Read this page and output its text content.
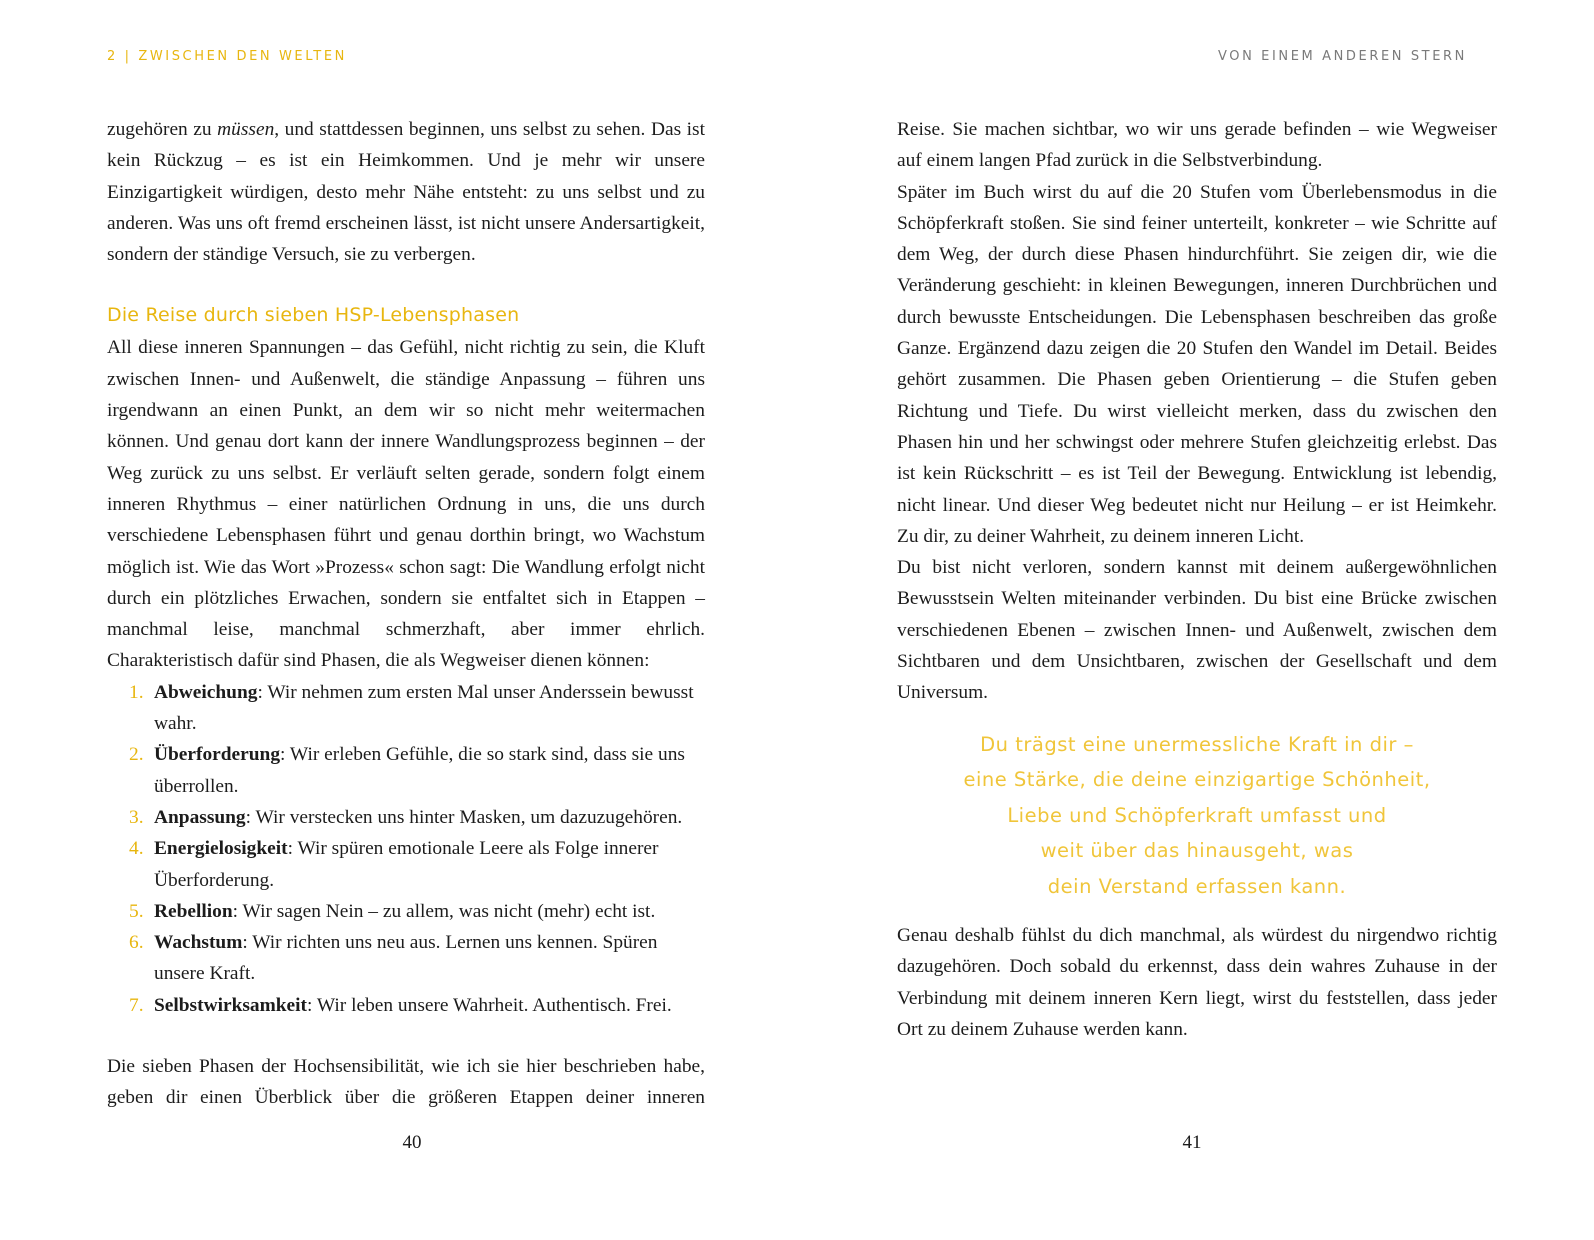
2 | ZWISCHEN DEN WELTEN

zugehören zu müssen, und stattdessen beginnen, uns selbst zu sehen. Das ist kein Rückzug – es ist ein Heimkommen. Und je mehr wir unsere Einzigartigkeit würdigen, desto mehr Nähe entsteht: zu uns selbst und zu anderen. Was uns oft fremd erscheinen lässt, ist nicht unsere Andersartigkeit, sondern der ständige Versuch, sie zu verbergen.

Die Reise durch sieben HSP-Lebensphasen

All diese inneren Spannungen – das Gefühl, nicht richtig zu sein, die Kluft zwischen Innen- und Außenwelt, die ständige Anpassung – führen uns irgendwann an einen Punkt, an dem wir so nicht mehr weitermachen können. Und genau dort kann der innere Wandlungsprozess beginnen – der Weg zurück zu uns selbst. Er verläuft selten gerade, sondern folgt einem inneren Rhythmus – einer natürlichen Ordnung in uns, die uns durch verschiedene Lebensphasen führt und genau dorthin bringt, wo Wachstum möglich ist. Wie das Wort »Prozess« schon sagt: Die Wandlung erfolgt nicht durch ein plötzliches Erwachen, sondern sie entfaltet sich in Etappen – manchmal leise, manchmal schmerzhaft, aber immer ehrlich. Charakteristisch dafür sind Phasen, die als Wegweiser dienen können:

1. Abweichung: Wir nehmen zum ersten Mal unser Anderssein bewusst wahr.
2. Überforderung: Wir erleben Gefühle, die so stark sind, dass sie uns überrollen.
3. Anpassung: Wir verstecken uns hinter Masken, um dazuzugehören.
4. Energielosigkeit: Wir spüren emotionale Leere als Folge innerer Überforderung.
5. Rebellion: Wir sagen Nein – zu allem, was nicht (mehr) echt ist.
6. Wachstum: Wir richten uns neu aus. Lernen uns kennen. Spüren unsere Kraft.
7. Selbstwirksamkeit: Wir leben unsere Wahrheit. Authentisch. Frei.

Die sieben Phasen der Hochsensibilität, wie ich sie hier beschrieben habe, geben dir einen Überblick über die größeren Etappen deiner inneren

40
VON EINEM ANDEREN STERN

Reise. Sie machen sichtbar, wo wir uns gerade befinden – wie Wegweiser auf einem langen Pfad zurück in die Selbstverbindung.

Später im Buch wirst du auf die 20 Stufen vom Überlebensmodus in die Schöpferkraft stoßen. Sie sind feiner unterteilt, konkreter – wie Schritte auf dem Weg, der durch diese Phasen hindurchführt. Sie zeigen dir, wie die Veränderung geschieht: in kleinen Bewegungen, inneren Durchbrüchen und durch bewusste Entscheidungen. Die Lebensphasen beschreiben das große Ganze. Ergänzend dazu zeigen die 20 Stufen den Wandel im Detail. Beides gehört zusammen. Die Phasen geben Orientierung – die Stufen geben Richtung und Tiefe. Du wirst vielleicht merken, dass du zwischen den Phasen hin und her schwingst oder mehrere Stufen gleichzeitig erlebst. Das ist kein Rückschritt – es ist Teil der Bewegung. Entwicklung ist lebendig, nicht linear. Und dieser Weg bedeutet nicht nur Heilung – er ist Heimkehr. Zu dir, zu deiner Wahrheit, zu deinem inneren Licht.

Du bist nicht verloren, sondern kannst mit deinem außergewöhnlichen Bewusstsein Welten miteinander verbinden. Du bist eine Brücke zwischen verschiedenen Ebenen – zwischen Innen- und Außenwelt, zwischen dem Sichtbaren und dem Unsichtbaren, zwischen der Gesellschaft und dem Universum.

Du trägst eine unermessliche Kraft in dir –
eine Stärke, die deine einzigartige Schönheit,
Liebe und Schöpferkraft umfasst und
weit über das hinausgeht, was
dein Verstand erfassen kann.

Genau deshalb fühlst du dich manchmal, als würdest du nirgendwo richtig dazugehören. Doch sobald du erkennst, dass dein wahres Zuhause in der Verbindung mit deinem inneren Kern liegt, wirst du feststellen, dass jeder Ort zu deinem Zuhause werden kann.

41
